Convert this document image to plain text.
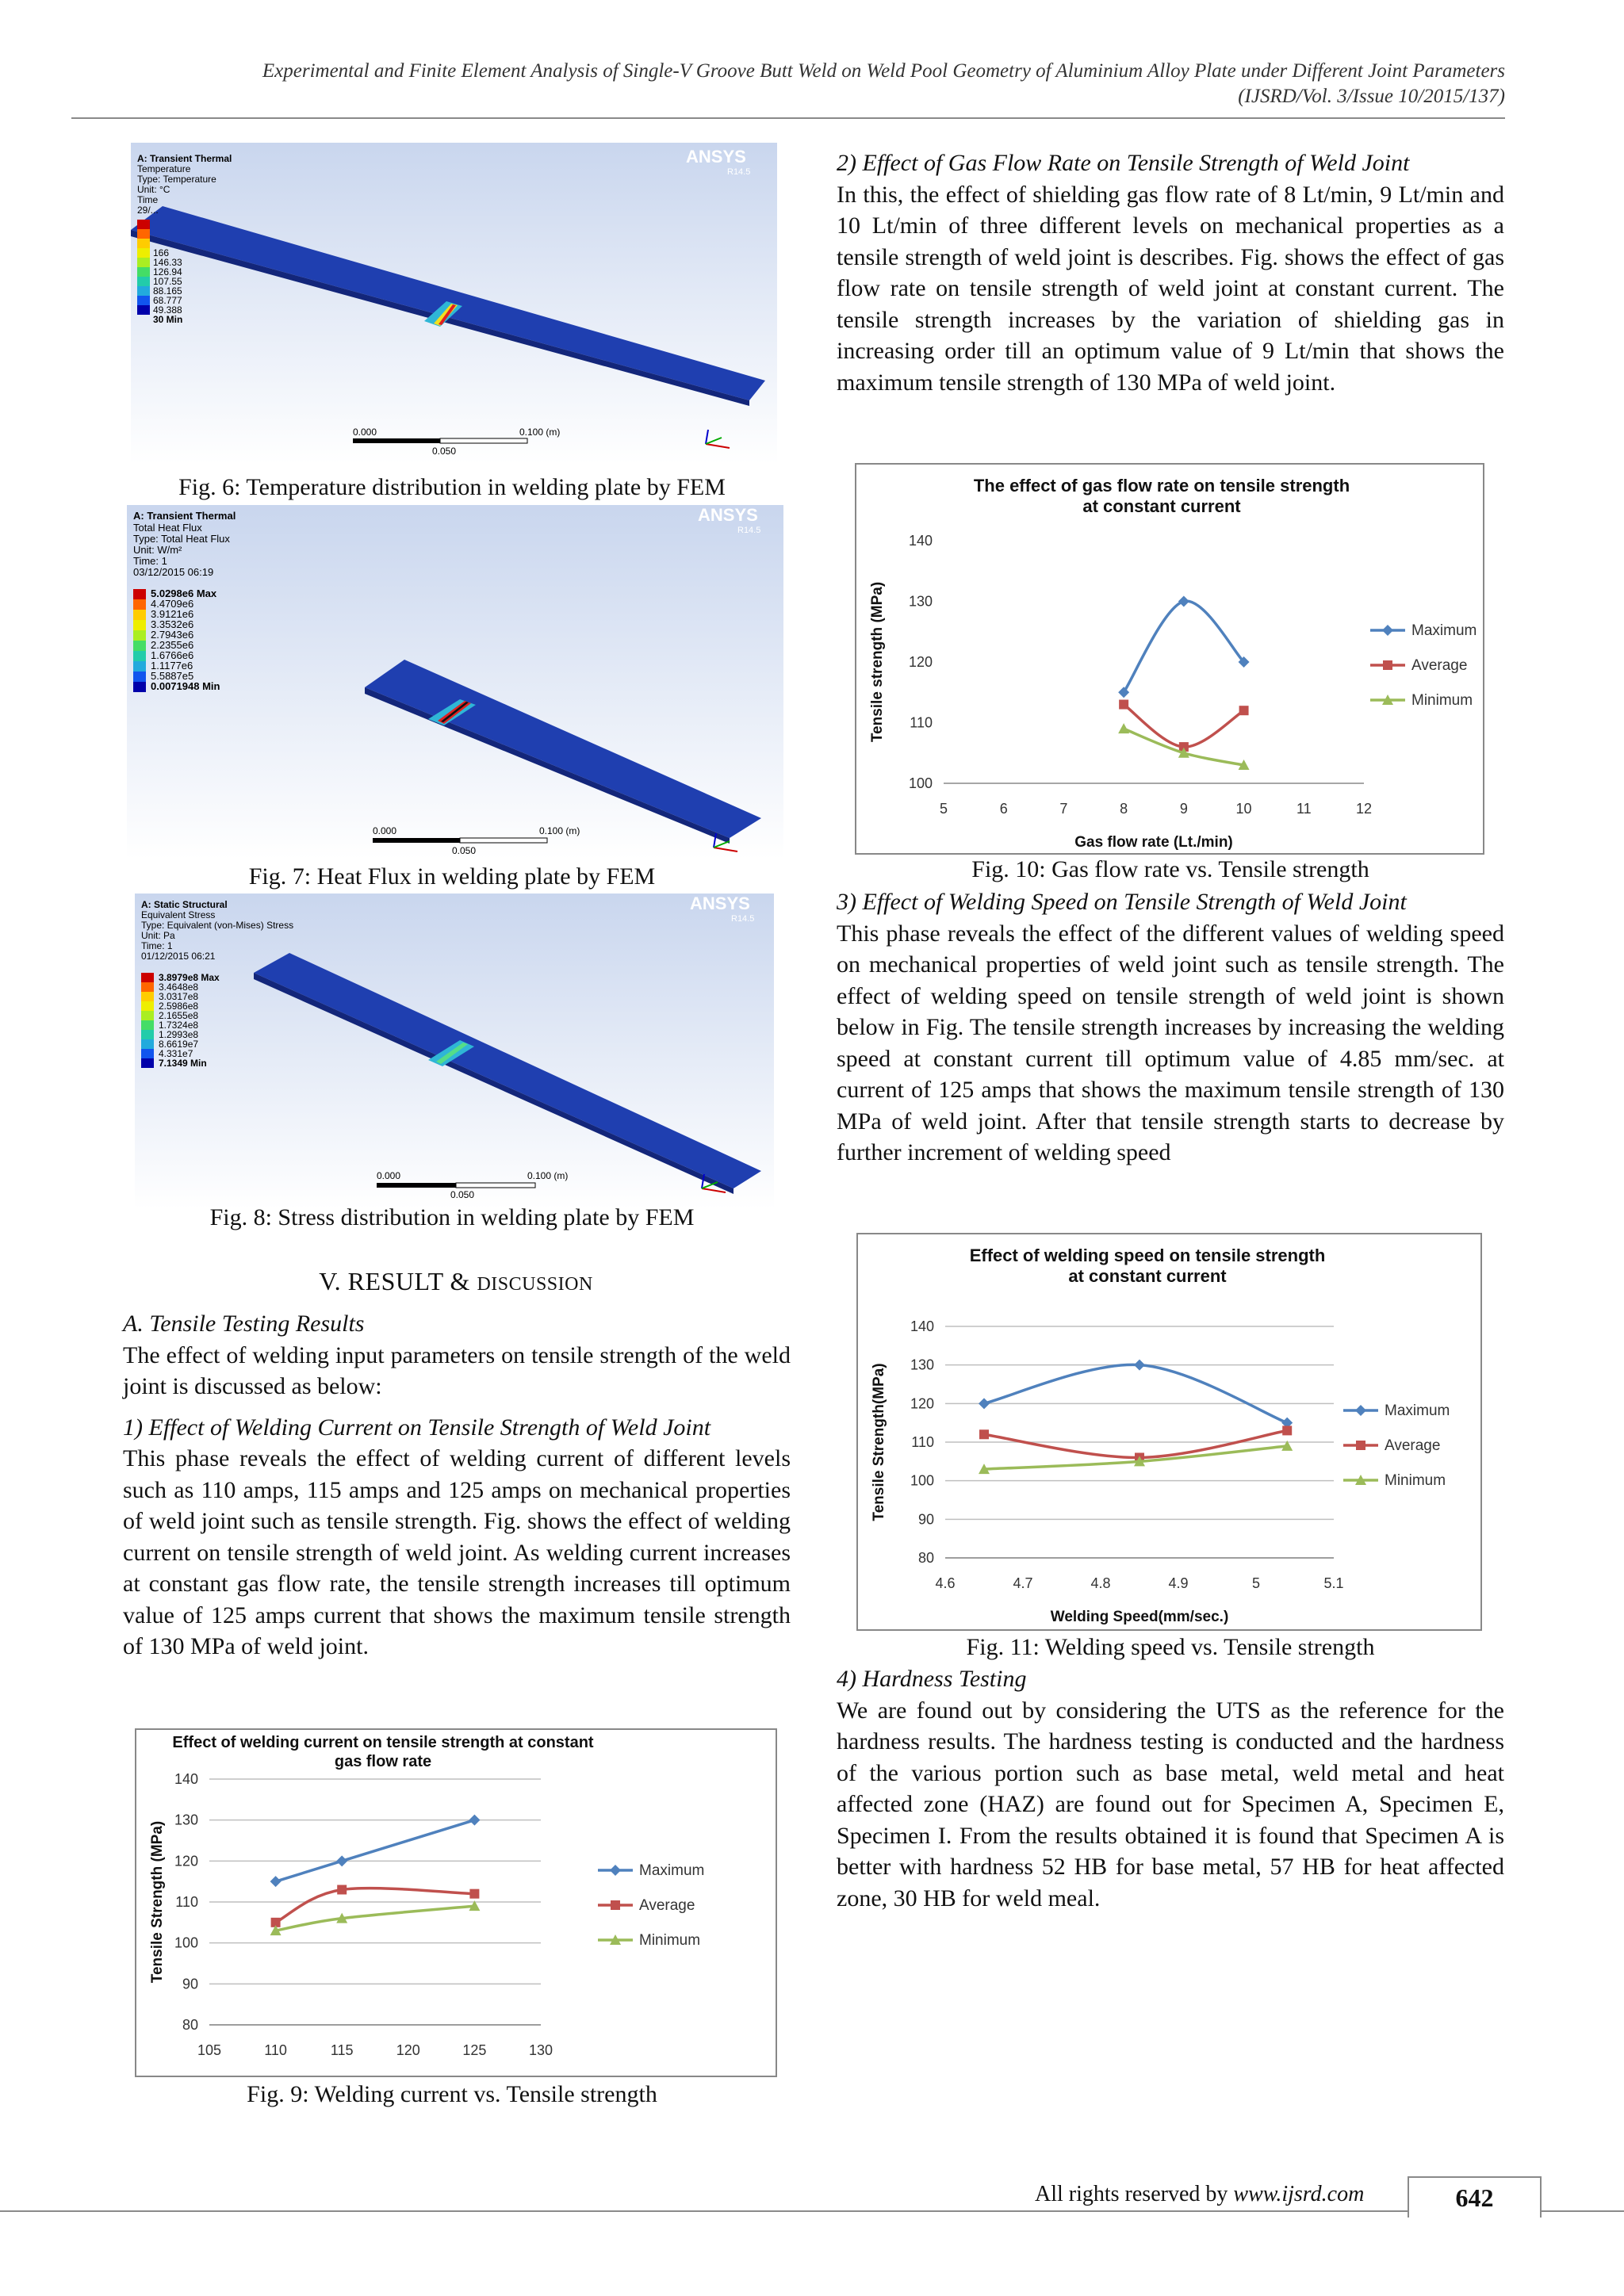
Experimental and Finite Element Analysis of Single-V Groove Butt Weld on Weld Pool Geometry of Aluminium Alloy Plate under Different Joint Parameters
(IJSRD/Vol. 3/Issue 10/2015/137)
A: Transient Thermal
Temperature
Type: Temperature
Unit: °C
Time
29/...
166
146.33
126.94
107.55
88.165
68.777
49.388
30 Min
ANSYS
R14.5
0.000
0.050
0.100 (m)
Fig. 6: Temperature distribution in welding plate by FEM
A: Transient Thermal
Total Heat Flux
Type: Total Heat Flux
Unit: W/m²
Time: 1
03/12/2015 06:19
5.0298e6 Max
4.4709e6
3.9121e6
3.3532e6
2.7943e6
2.2355e6
1.6766e6
1.1177e6
5.5887e5
0.0071948 Min
ANSYS
R14.5
0.000
0.050
0.100 (m)
Fig. 7: Heat Flux in welding plate by FEM
A: Static Structural
Equivalent Stress
Type: Equivalent (von-Mises) Stress
Unit: Pa
Time: 1
01/12/2015 06:21
3.8979e8 Max
3.4648e8
3.0317e8
2.5986e8
2.1655e8
1.7324e8
1.2993e8
8.6619e7
4.331e7
7.1349 Min
ANSYS
R14.5
0.000
0.050
0.100 (m)
Fig. 8: Stress distribution in welding plate by FEM
V. RESULT & DISCUSSION

A. Tensile Testing Results

The effect of welding input parameters on tensile strength of the weld joint is discussed as below:

1) Effect of Welding Current on Tensile Strength of Weld Joint

This phase reveals the effect of welding current of different levels such as 110 amps, 115 amps and 125 amps on mechanical properties of weld joint such as tensile strength. Fig. shows the effect of welding current on tensile strength of weld joint. As welding current increases at constant gas flow rate, the tensile strength increases till optimum value of 125 amps current that shows the maximum tensile strength of 130 MPa of weld joint.

Effect of welding current on tensile strength at constant
gas flow rate
80
90
100
110
120
130
140
105	110	115	120	125	130
Tensile Strength (MPa)	Maximum
Average
Minimum
Fig. 9: Welding current vs. Tensile strength

2) Effect of Gas Flow Rate on Tensile Strength of Weld Joint

In this, the effect of shielding gas flow rate of 8 Lt/min, 9 Lt/min and 10 Lt/min of three different levels on mechanical properties as a tensile strength of weld joint is describes. Fig. shows the effect of gas flow rate on tensile strength of weld joint at constant current. The tensile strength increases by the variation of shielding gas in increasing order till an optimum value of 9 Lt/min that shows the maximum tensile strength of 130 MPa of weld joint.

The effect of gas flow rate on tensile strength
at constant current
100
110
120
130
140
5	6	7	8	9	10	11	12
Gas flow rate (Lt./min)
Tensile strength (MPa)	Maximum
Average
Minimum
Fig. 10: Gas flow rate vs. Tensile strength

3) Effect of Welding Speed on Tensile Strength of Weld Joint

This phase reveals the effect of the different values of welding speed on mechanical properties of weld joint such as tensile strength. The effect of welding speed on tensile strength of weld joint is shown below in Fig. The tensile strength increases by increasing the welding speed at constant current till optimum value of 4.85 mm/sec. at current of 125 amps that shows the maximum tensile strength of 130 MPa of weld joint. After that tensile strength starts to decrease by further increment of welding speed

Effect of welding speed on tensile strength
at constant current
80
90
100
110
120
130
140
4.6	4.7	4.8	4.9	5	5.1
Welding Speed(mm/sec.)
Tensile Strength(MPa)	Maximum
Average
Minimum
Fig. 11: Welding speed vs. Tensile strength

4) Hardness Testing

We are found out by considering the UTS as the reference for the hardness results. The hardness testing is conducted and the hardness of the various portion such as base metal, weld metal and heat affected zone (HAZ) are found out for Specimen A, Specimen E, Specimen I. From the results obtained it is found that Specimen A is better with hardness 52 HB for base metal, 57 HB for heat affected zone, 30 HB for weld meal.

All rights reserved by www.ijsrd.com	642
